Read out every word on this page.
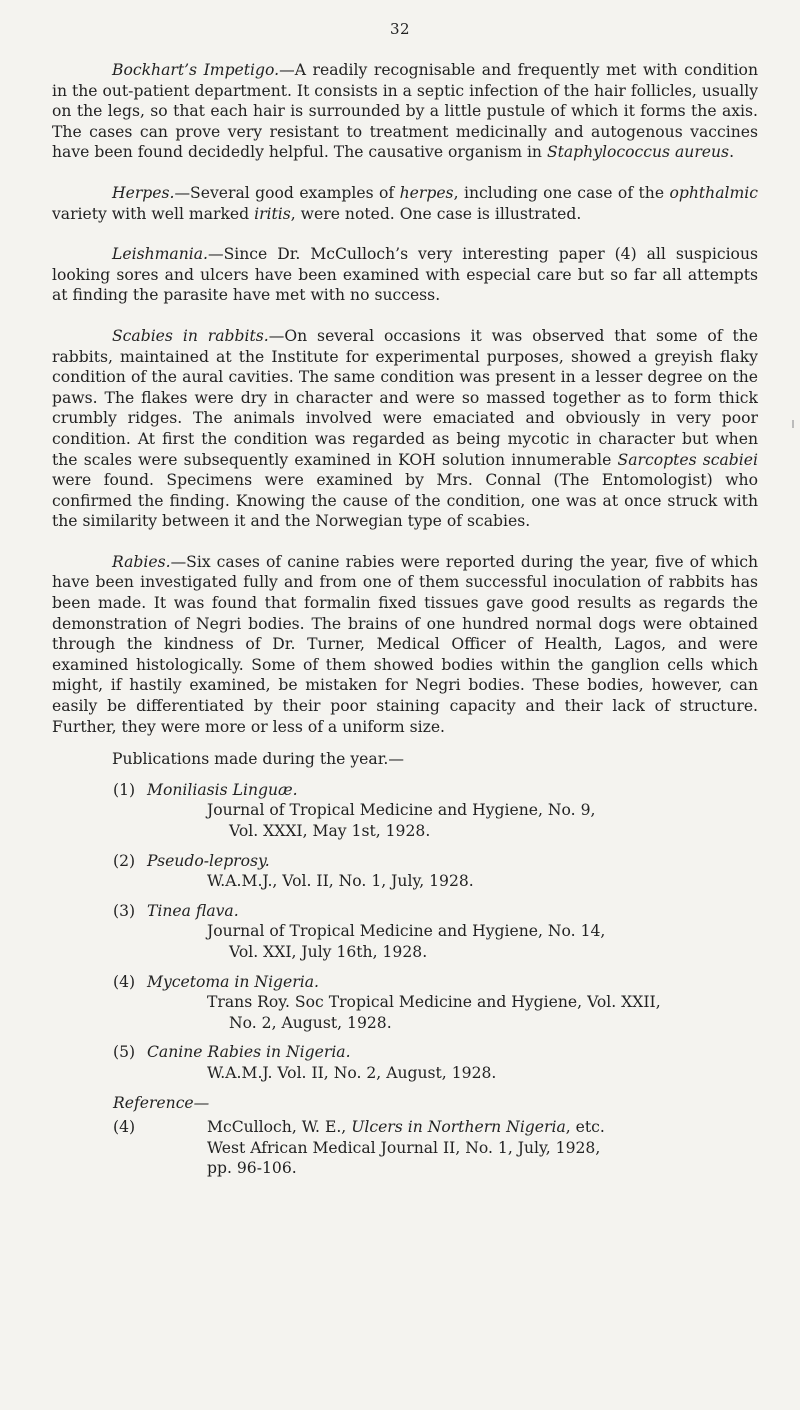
32

Bockhart’s Impetigo.—A readily recognisable and frequently met with condition in the out-patient department. It consists in a septic infection of the hair follicles, usually on the legs, so that each hair is surrounded by a little pustule of which it forms the axis. The cases can prove very resistant to treatment medicinally and autogenous vaccines have been found decidedly helpful. The causative organism in Staphylococcus aureus.

Herpes.—Several good examples of herpes, including one case of the ophthalmic variety with well marked iritis, were noted. One case is illustrated.

Leishmania.—Since Dr. McCulloch’s very interesting paper (4) all suspicious looking sores and ulcers have been examined with especial care but so far all attempts at finding the parasite have met with no success.

Scabies in rabbits.—On several occasions it was observed that some of the rabbits, maintained at the Institute for experimental purposes, showed a greyish flaky condition of the aural cavities. The same condition was present in a lesser degree on the paws. The flakes were dry in character and were so massed together as to form thick crumbly ridges. The animals involved were emaciated and obviously in very poor condition. At first the condition was regarded as being mycotic in character but when the scales were subsequently examined in KOH solution innumerable Sarcoptes scabiei were found. Specimens were examined by Mrs. Connal (The Entomologist) who confirmed the finding. Knowing the cause of the condition, one was at once struck with the similarity between it and the Norwegian type of scabies.

Rabies.—Six cases of canine rabies were reported during the year, five of which have been investigated fully and from one of them successful inoculation of rabbits has been made. It was found that formalin fixed tissues gave good results as regards the demonstration of Negri bodies. The brains of one hundred normal dogs were obtained through the kindness of Dr. Turner, Medical Officer of Health, Lagos, and were examined histologically. Some of them showed bodies within the ganglion cells which might, if hastily examined, be mistaken for Negri bodies. These bodies, however, can easily be differentiated by their poor staining capacity and their lack of structure. Further, they were more or less of a uniform size.

Publications made during the year.—
(1) Moniliasis Linguæ.
Journal of Tropical Medicine and Hygiene, No. 9,
Vol. XXXI, May 1st, 1928.
(2) Pseudo-leprosy.
W.A.M.J., Vol. II, No. 1, July, 1928.
(3) Tinea flava.
Journal of Tropical Medicine and Hygiene, No. 14,
Vol. XXI, July 16th, 1928.
(4) Mycetoma in Nigeria.
Trans Roy. Soc Tropical Medicine and Hygiene, Vol. XXII,
No. 2, August, 1928.
(5) Canine Rabies in Nigeria.
W.A.M.J. Vol. II, No. 2, August, 1928.
Reference—
(4)	McCulloch, W. E., Ulcers in Northern Nigeria, etc.
West African Medical Journal II, No. 1, July, 1928,
pp. 96-106.
